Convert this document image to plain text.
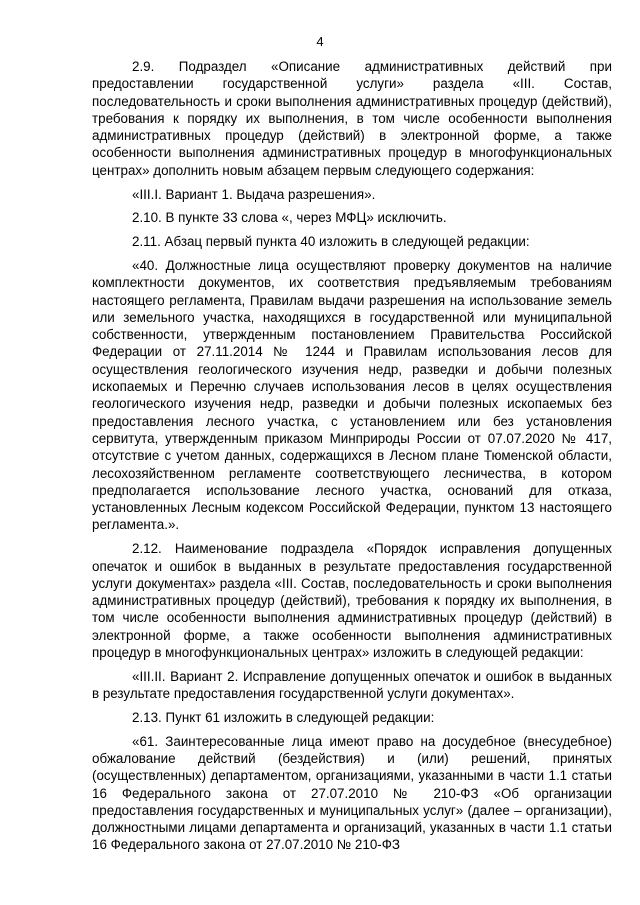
4

2.9. Подраздел «Описание административных действий при предоставлении государственной услуги» раздела «III. Состав, последовательность и сроки выполнения административных процедур (действий), требования к порядку их выполнения, в том числе особенности выполнения административных процедур (действий) в электронной форме, а также особенности выполнения административных процедур в многофункциональных центрах» дополнить новым абзацем первым следующего содержания:

«III.I. Вариант 1. Выдача разрешения».

2.10. В пункте 33 слова «, через МФЦ» исключить.

2.11. Абзац первый пункта 40 изложить в следующей редакции:

«40. Должностные лица осуществляют проверку документов на наличие комплектности документов, их соответствия предъявляемым требованиям настоящего регламента, Правилам выдачи разрешения на использование земель или земельного участка, находящихся в государственной или муниципальной собственности, утвержденным постановлением Правительства Российской Федерации от 27.11.2014 № 1244 и Правилам использования лесов для осуществления геологического изучения недр, разведки и добычи полезных ископаемых и Перечню случаев использования лесов в целях осуществления геологического изучения недр, разведки и добычи полезных ископаемых без предоставления лесного участка, с установлением или без установления сервитута, утвержденным приказом Минприроды России от 07.07.2020 № 417, отсутствие с учетом данных, содержащихся в Лесном плане Тюменской области, лесохозяйственном регламенте соответствующего лесничества, в котором предполагается использование лесного участка, оснований для отказа, установленных Лесным кодексом Российской Федерации, пунктом 13 настоящего регламента.».

2.12. Наименование подраздела «Порядок исправления допущенных опечаток и ошибок в выданных в результате предоставления государственной услуги документах» раздела «III. Состав, последовательность и сроки выполнения административных процедур (действий), требования к порядку их выполнения, в том числе особенности выполнения административных процедур (действий) в электронной форме, а также особенности выполнения административных процедур в многофункциональных центрах» изложить в следующей редакции:

«III.II. Вариант 2. Исправление допущенных опечаток и ошибок в выданных в результате предоставления государственной услуги документах».

2.13. Пункт 61 изложить в следующей редакции:

«61. Заинтересованные лица имеют право на досудебное (внесудебное) обжалование действий (бездействия) и (или) решений, принятых (осуществленных) департаментом, организациями, указанными в части 1.1 статьи 16 Федерального закона от 27.07.2010 № 210-ФЗ «Об организации предоставления государственных и муниципальных услуг» (далее – организации), должностными лицами департамента и организаций, указанных в части 1.1 статьи 16 Федерального закона от 27.07.2010 № 210-ФЗ
